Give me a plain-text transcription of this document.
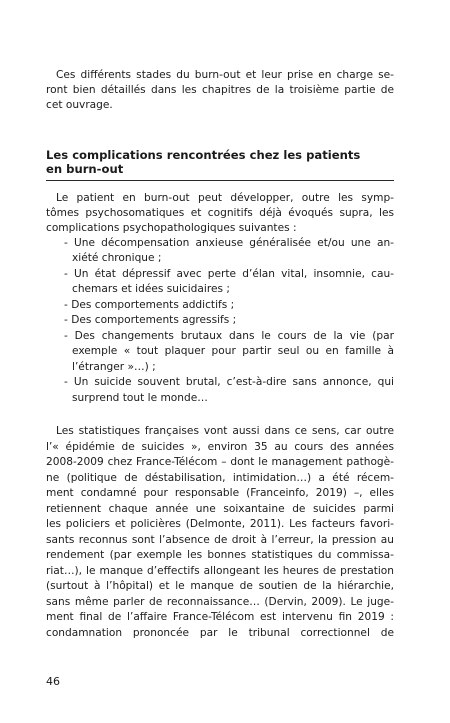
Ces différents stades du burn-out et leur prise en charge se-
ront bien détaillés dans les chapitres de la troisième partie de
cet ouvrage.
Les complications rencontrées chez les patients
en burn-out
Le patient en burn-out peut développer, outre les symp-
tômes psychosomatiques et cognitifs déjà évoqués supra, les
complications psychopathologiques suivantes :
- Une décompensation anxieuse généralisée et/ou une an-
xiété chronique ;
- Un état dépressif avec perte d’élan vital, insomnie, cau-
chemars et idées suicidaires ;
- Des comportements addictifs ;
- Des comportements agressifs ;
- Des changements brutaux dans le cours de la vie (par
exemple « tout plaquer pour partir seul ou en famille à
l’étranger »…) ;
- Un suicide souvent brutal, c’est-à-dire sans annonce, qui
surprend tout le monde…
Les statistiques françaises vont aussi dans ce sens, car outre
l’« épidémie de suicides », environ 35 au cours des années
2008-2009 chez France-Télécom – dont le management pathogè-
ne (politique de déstabilisation, intimidation…) a été récem-
ment condamné pour responsable (Franceinfo, 2019) –, elles
retiennent chaque année une soixantaine de suicides parmi
les policiers et policières (Delmonte, 2011). Les facteurs favori-
sants reconnus sont l’absence de droit à l’erreur, la pression au
rendement (par exemple les bonnes statistiques du commissa-
riat…), le manque d’effectifs allongeant les heures de prestation
(surtout à l’hôpital) et le manque de soutien de la hiérarchie,
sans même parler de reconnaissance… (Dervin, 2009). Le juge-
ment final de l’affaire France-Télécom est intervenu fin 2019 :
condamnation prononcée par le tribunal correctionnel de
46
